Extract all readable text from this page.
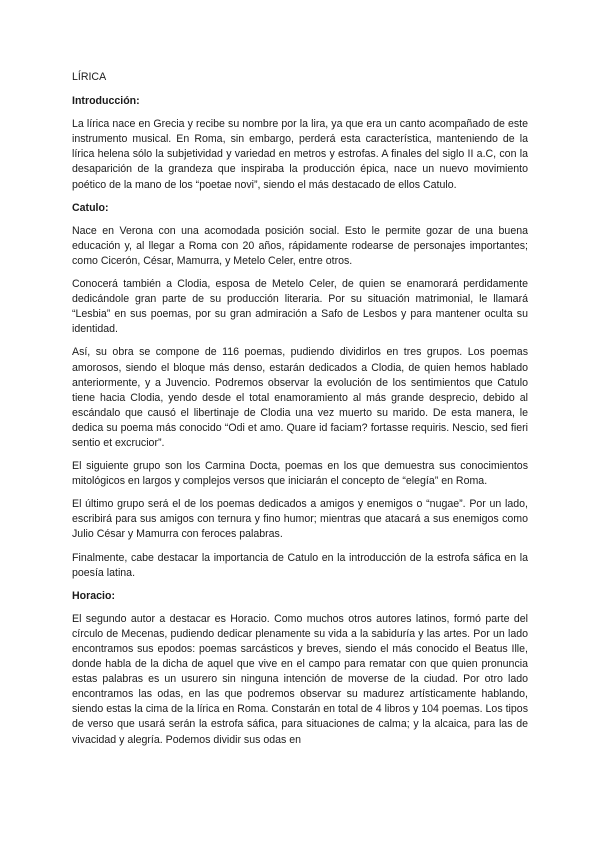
LÍRICA
Introducción:

La lírica nace en Grecia y recibe su nombre por la lira, ya que era un canto acompañado de este instrumento musical. En Roma, sin embargo, perderá esta característica, manteniendo de la lírica helena sólo la subjetividad y variedad en metros y estrofas. A finales del siglo II a.C, con la desaparición de la grandeza que inspiraba la producción épica, nace un nuevo movimiento poético de la mano de los “poetae novi”, siendo el más destacado de ellos Catulo.

Catulo:

Nace en Verona con una acomodada posición social. Esto le permite gozar de una buena educación y, al llegar a Roma con 20 años, rápidamente rodearse de personajes importantes; como Cicerón, César, Mamurra, y Metelo Celer, entre otros.

Conocerá también a Clodia, esposa de Metelo Celer, de quien se enamorará perdidamente dedicándole gran parte de su producción literaria. Por su situación matrimonial, le llamará “Lesbia” en sus poemas, por su gran admiración a Safo de Lesbos y para mantener oculta su identidad.

Así, su obra se compone de 116 poemas, pudiendo dividirlos en tres grupos. Los poemas amorosos, siendo el bloque más denso, estarán dedicados a Clodia, de quien hemos hablado anteriormente, y a Juvencio. Podremos observar la evolución de los sentimientos que Catulo tiene hacia Clodia, yendo desde el total enamoramiento al más grande desprecio, debido al escándalo que causó el libertinaje de Clodia una vez muerto su marido. De esta manera, le dedica su poema más conocido “Odi et amo. Quare id faciam? fortasse requiris. Nescio, sed fieri sentio et excrucior”.

El siguiente grupo son los Carmina Docta, poemas en los que demuestra sus conocimientos mitológicos en largos y complejos versos que iniciarán el concepto de “elegía” en Roma.

El último grupo será el de los poemas dedicados a amigos y enemigos o “nugae”. Por un lado, escribirá para sus amigos con ternura y fino humor; mientras que atacará a sus enemigos como Julio César y Mamurra con feroces palabras.

Finalmente, cabe destacar la importancia de Catulo en la introducción de la estrofa sáfica en la poesía latina.

Horacio:

El segundo autor a destacar es Horacio. Como muchos otros autores latinos, formó parte del círculo de Mecenas, pudiendo dedicar plenamente su vida a la sabiduría y las artes. Por un lado encontramos sus epodos: poemas sarcásticos y breves, siendo el más conocido el Beatus Ille, donde habla de la dicha de aquel que vive en el campo para rematar con que quien pronuncia estas palabras es un usurero sin ninguna intención de moverse de la ciudad. Por otro lado encontramos las odas, en las que podremos observar su madurez artísticamente hablando, siendo estas la cima de la lírica en Roma. Constarán en total de 4 libros y 104 poemas. Los tipos de verso que usará serán la estrofa sáfica, para situaciones de calma; y la alcaica, para las de vivacidad y alegría. Podemos dividir sus odas en
